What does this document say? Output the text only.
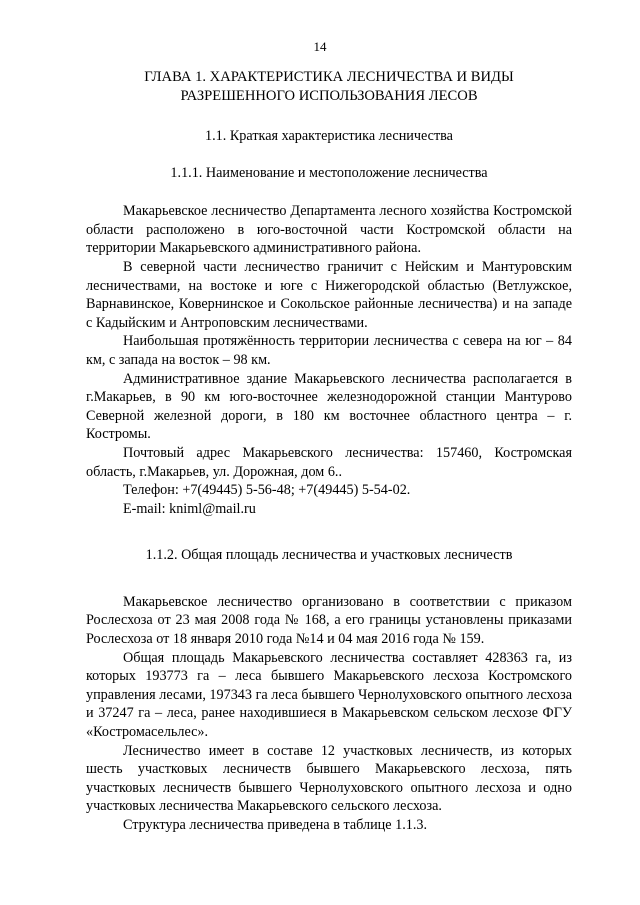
14
ГЛАВА 1. ХАРАКТЕРИСТИКА ЛЕСНИЧЕСТВА И ВИДЫ
РАЗРЕШЕННОГО ИСПОЛЬЗОВАНИЯ ЛЕСОВ
1.1. Краткая характеристика лесничества
1.1.1. Наименование и местоположение лесничества

Макарьевское лесничество Департамента лесного хозяйства Костромской области расположено в юго-восточной части Костромской области на территории Макарьевского административного района.

В северной части лесничество граничит с Нейским и Мантуровским лесничествами, на востоке и юге с Нижегородской областью (Ветлужское, Варнавинское, Ковернинское и Сокольское районные лесничества) и на западе с Кадыйским и Антроповским лесничествами.

Наибольшая протяжённость территории лесничества с севера на юг – 84 км, с запада на восток – 98 км.

Административное здание Макарьевского лесничества располагается в г.Макарьев, в 90 км юго-восточнее железнодорожной станции Мантурово Северной железной дороги, в 180 км восточнее областного центра – г. Костромы.

Почтовый адрес Макарьевского лесничества: 157460, Костромская область, г.Макарьев, ул. Дорожная, дом 6..

Телефон: +7(49445) 5-56-48; +7(49445) 5-54-02.

E-mail: kniml@mail.ru

1.1.2. Общая площадь лесничества и участковых лесничеств

Макарьевское лесничество организовано в соответствии с приказом Рослесхоза от 23 мая 2008 года № 168, а его границы установлены приказами Рослесхоза от 18 января 2010 года №14 и 04 мая 2016 года № 159.

Общая площадь Макарьевского лесничества составляет 428363 га, из которых 193773 га – леса бывшего Макарьевского лесхоза Костромского управления лесами, 197343 га леса бывшего Чернолуховского опытного лесхоза и 37247 га – леса, ранее находившиеся в Макарьевском сельском лесхозе ФГУ «Костромасельлес».

Лесничество имеет в составе 12 участковых лесничеств, из которых шесть участковых лесничеств бывшего Макарьевского лесхоза, пять участковых лесничеств бывшего Чернолуховского опытного лесхоза и одно участковых лесничества Макарьевского сельского лесхоза.

Структура лесничества приведена в таблице 1.1.3.
